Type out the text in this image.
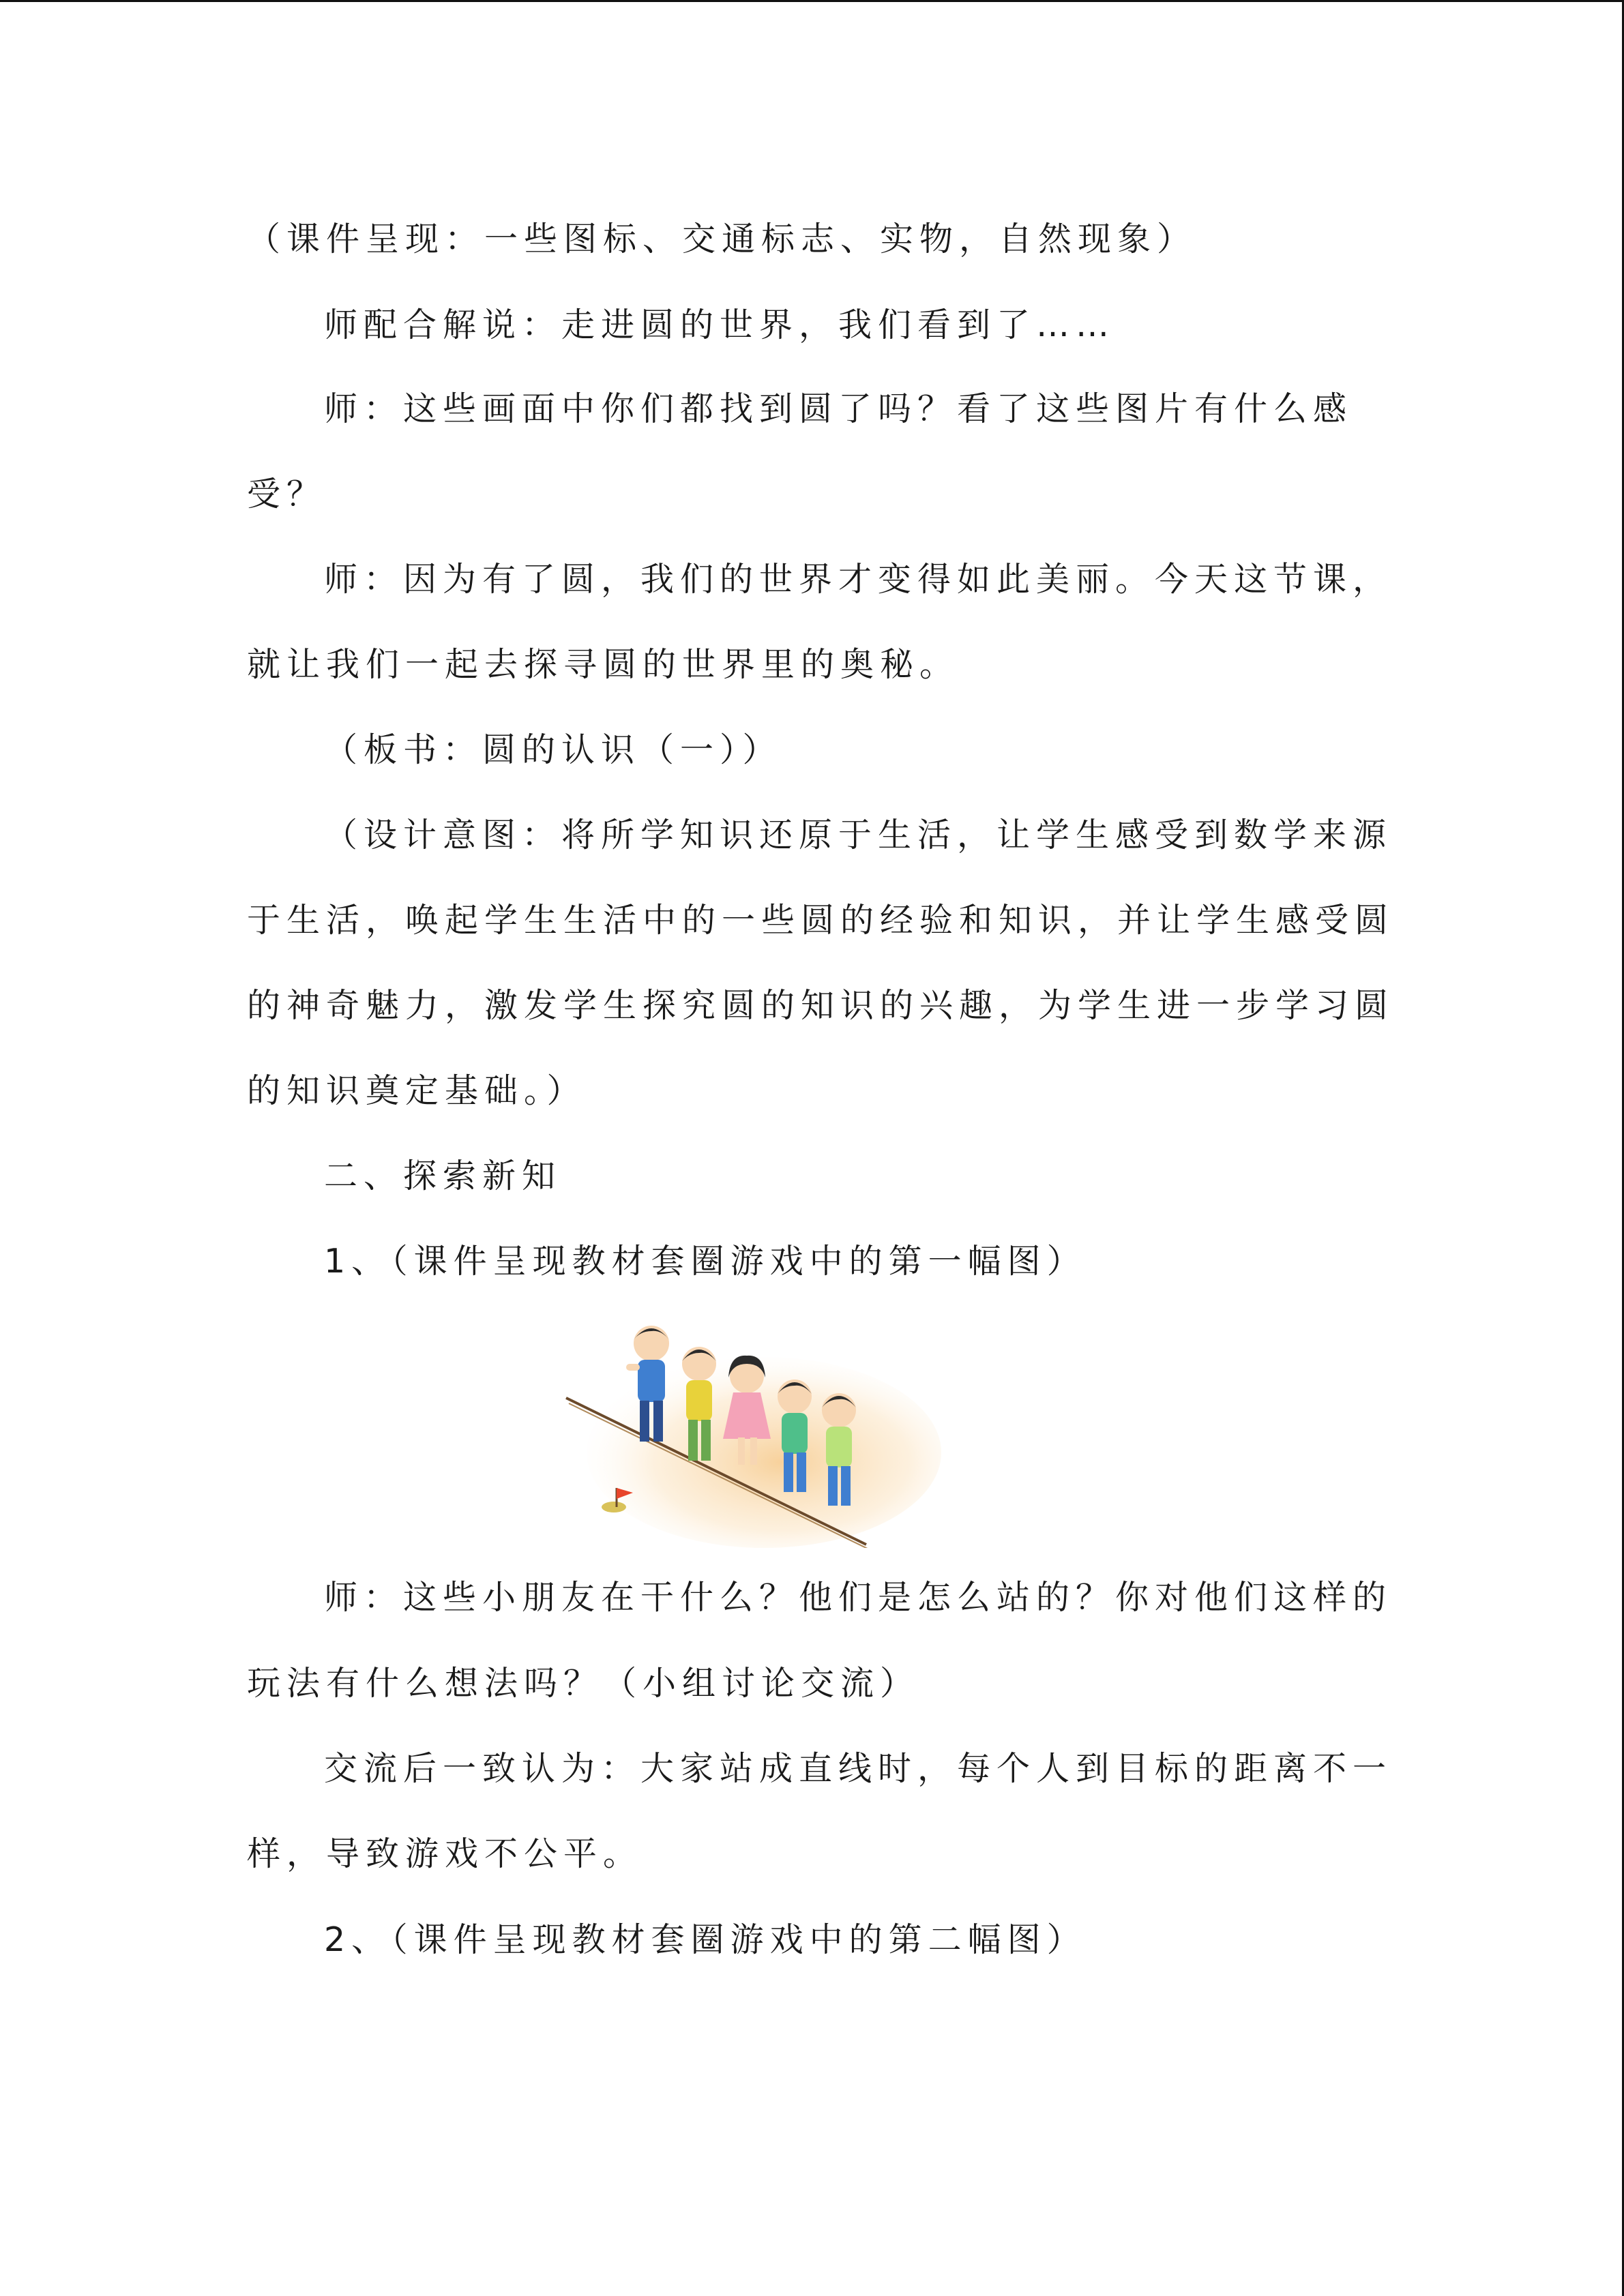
（课件呈现：一些图标、交通标志、实物，自然现象）
师配合解说：走进圆的世界，我们看到了……
师：这些画面中你们都找到圆了吗？看了这些图片有什么感
受？
师：因为有了圆，我们的世界才变得如此美丽。今天这节课，
就让我们一起去探寻圆的世界里的奥秘。
（板书：圆的认识（一））
（设计意图：将所学知识还原于生活，让学生感受到数学来源
于生活，唤起学生生活中的一些圆的经验和知识，并让学生感受圆
的神奇魅力，激发学生探究圆的知识的兴趣，为学生进一步学习圆
的知识奠定基础。）
二、探索新知
1、（课件呈现教材套圈游戏中的第一幅图）
师：这些小朋友在干什么？他们是怎么站的？你对他们这样的
玩法有什么想法吗？（小组讨论交流）
交流后一致认为：大家站成直线时，每个人到目标的距离不一
样，导致游戏不公平。
2、（课件呈现教材套圈游戏中的第二幅图）
